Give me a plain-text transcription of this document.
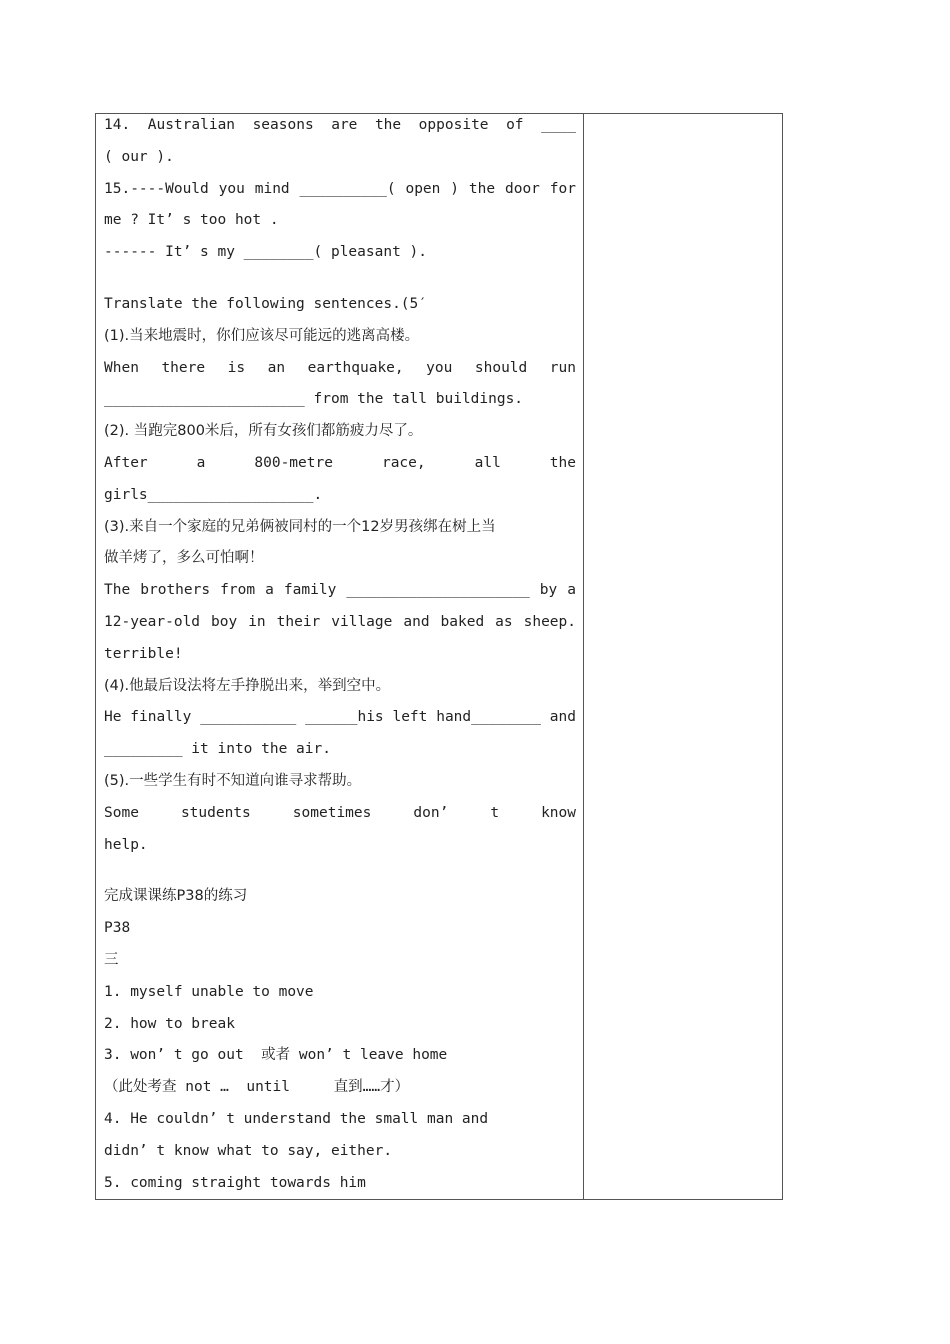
14. Australian seasons are the opposite of ____
( our ).
15.----Would you mind __________( open ) the door for
me ? It’ s too hot .
------ It’ s my ________( pleasant ).
Translate the following sentences.(5′
(1).当来地震时，你们应该尽可能远的逃离高楼。
When there is an earthquake, you should run
_______________________ from the tall buildings.
(2). 当跑完800米后，所有女孩们都筋疲力尽了。
After a 800-metre race, all the
girls___________________.
(3).来自一个家庭的兄弟俩被同村的一个12岁男孩绑在树上当
做羊烤了，多么可怕啊！
The brothers from a family _____________________ by a
12-year-old boy in their village and baked as sheep.
terrible!
(4).他最后设法将左手挣脱出来，举到空中。
He finally ___________ ______his left hand________ and
_________ it into the air.
(5).一些学生有时不知道向谁寻求帮助。
Some students sometimes don’ t know
help.
完成课课练P38的练习
P38
三
1. myself unable to move
2. how to break
3. won’ t go out  或者 won’ t leave home
（此处考查 not …  until     直到……才）
4. He couldn’ t understand the small man and
didn’ t know what to say, either.
5. coming straight towards him
